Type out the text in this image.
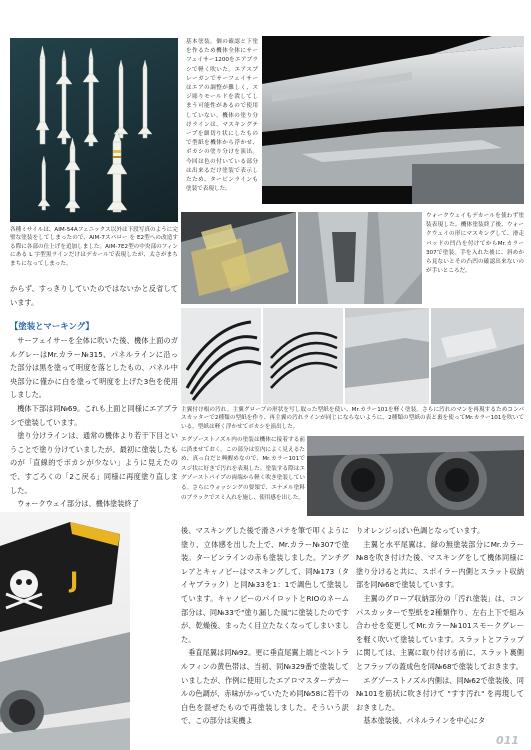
各種ミサイルは、AIM-54Aフェニックス以外は下段写真のように完璧な塗装をしてしまったので、AIM-7スパロー を E2型への改造する際に各部の仕上げを追加しました。AIM-7E2型の中央部のフィンにある L 字型黒ラインだけはデカールで表現したが、太さがまちまちになってしまった。
基本塗装。個の確認と下塗を作るため機体全体にサーフェイサー1200をエアブラシで軽く吹いた。エアスプレーガンでサーフェイサーはエアの調整が難しく、スジ彫りモールドを潰してしまう可能性があるので使用していない。機体の塗り分けラインは、マスキングテープを細切り状にしたもので型紙を機体から浮かせ、ボカシの塗り分けを演出。今回は色の付いている部分は出来るだけ塗装で表示したため、タービンラインも塗装で表現した。
ウォークウェイもデカールを使わず塗装表現した。機体塗装終了後、ウォークウェイの形にマスキングして、滑走パッドの凹凸を付けてからMr.カラー307で塗装。手を入れた後に、斜めから見ないとその凸凹の確認出来ないのが手いところだ。
主翼付け根の汚れ。主翼グローブの形状を写し取った型紙を使い、Mr.カラー101を軽く塗装。さらに汚れのマンを再現するためコンパスカッターで2種類の型紙を作り、再主翼の汚れラインが同じにならないように、2種類の型紙の表と裏を使ってMr.カラー101を吹いている。型紙は軽く浮かせてボカシを演出した。
エグゾーストノズル内の塗装は機体に接着する前に済ませておく。この部分は室内によく見えるため、真っ白だと興醒めなので、Mr.カラー101でスジ状に好きで汚れを表現した。塗装する際はエグゾーストパイプの両端から軽く吹き塗装している。さらにウォッシングの要領で、エナメル塗料のブラックでスミ入れを施し、使用感を出した。
J

からず、すっきりしていたのではないかと反省しています。

【塗装とマーキング】

サーフェイサーを全体に吹いた後、機体上面のガルグレーはMr.カラー№315、パネルラインに沿った部分は黒を塗って明度を落としたもの、パネル中央部分に僅かに白を塗って明度を上げた3色を使用しました。

機体下部は同№69。これも上面と同様にエアブラシで塗装しています。

塗り分けラインは、通常の機体より若干下目ということで塗り分けていましたが、最初に塗装したものが「直線的でボカシが少ない」ように見えたので、すごろくの「2こ戻る」同様に再度塗り直しました。

ウォークウェイ部分は、機体塗装終了

後、マスキングした後で滑さパテを筆で叩くように塗り、立体感を出した上で、Mr.カラー№307で塗装。タービンラインの赤も塗装しました。アンチグレアとキャノピーはマスキングして、同№173（タイヤブラック）と同№33を1：1で調色して塗装しています。キャノピーのパイロットとRIOのネーム部分は、同№33で"塗り漏した風"に塗装したのですが、乾燥後、まったく目立たなくなってしまいました。

垂直尾翼は同№92。更に垂直尾翼上端とベントラルフィンの黄色帯は、当初、同№329番で塗装していましたが、作例に使用したエアロマスターデカールの色調が、赤味がかっていたため同№58に若干の白色を混ぜたもので再塗装しました。そういう訳で、この部分は実機よ

りオレンジっぽい色調となっています。

主翼と水平尾翼は、緑の無塗装部分にMr.カラー№8を吹き付けた後、マスキングをして機体同様に塗り分けると共に、スポイラー内側とスラット収納部を同№68で塗装しています。

主翼のグローブ収納部分の「汚れ塗装」は、コンパスカッターで型紙を2種類作り、左右上下で組み合わせを変更してMr.カラー№101スモークグレーを軽く吹いて塗装しています。スラットとフラップに関しては、主翼に取り付ける前に、スラット裏側とフラップの蓋成色を同№68で塗装しておきます。

エグゾーストノズル内側は、同№62で塗装後、同№101を筋状に吹き付けて "すす汚れ" を再現しておきました。

基本塗装後、パネルラインを中心にタ

011
